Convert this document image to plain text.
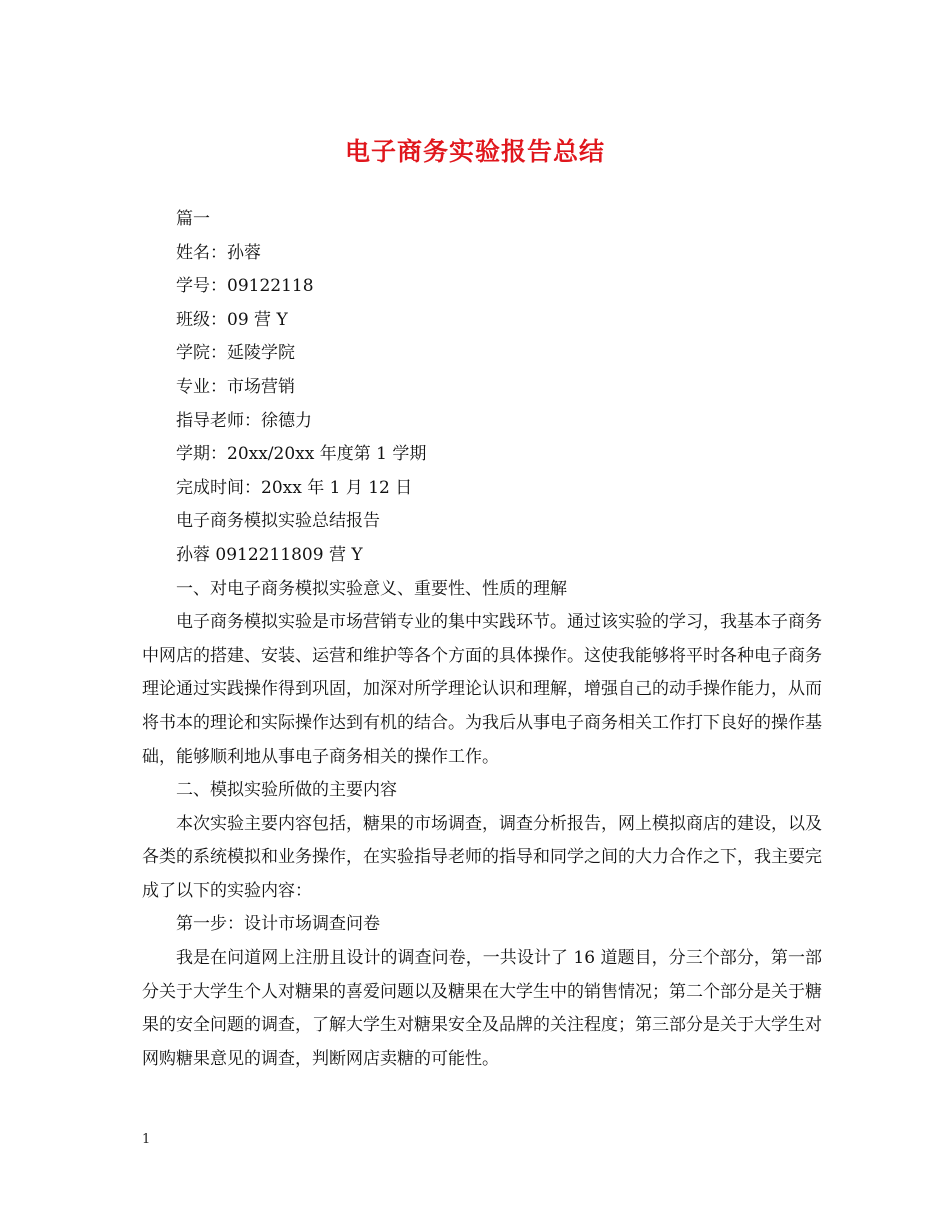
电子商务实验报告总结
篇一
姓名：孙蓉
学号：09122118
班级：09 营 Y
学院：延陵学院
专业：市场营销
指导老师：徐德力
学期：20xx/20xx 年度第 1 学期
完成时间：20xx 年 1 月 12 日
电子商务模拟实验总结报告
孙蓉 0912211809 营 Y
一、对电子商务模拟实验意义、重要性、性质的理解

电子商务模拟实验是市场营销专业的集中实践环节。通过该实验的学习，我基本子商务中网店的搭建、安装、运营和维护等各个方面的具体操作。这使我能够将平时各种电子商务理论通过实践操作得到巩固，加深对所学理论认识和理解，增强自己的动手操作能力，从而将书本的理论和实际操作达到有机的结合。为我后从事电子商务相关工作打下良好的操作基础，能够顺利地从事电子商务相关的操作工作。

二、模拟实验所做的主要内容

本次实验主要内容包括，糖果的市场调查，调查分析报告，网上模拟商店的建设，以及各类的系统模拟和业务操作，在实验指导老师的指导和同学之间的大力合作之下，我主要完成了以下的实验内容：

第一步：设计市场调查问卷

我是在问道网上注册且设计的调查问卷，一共设计了 16 道题目，分三个部分，第一部分关于大学生个人对糖果的喜爱问题以及糖果在大学生中的销售情况；第二个部分是关于糖果的安全问题的调查，了解大学生对糖果安全及品牌的关注程度；第三部分是关于大学生对网购糖果意见的调查，判断网店卖糖的可能性。

1
